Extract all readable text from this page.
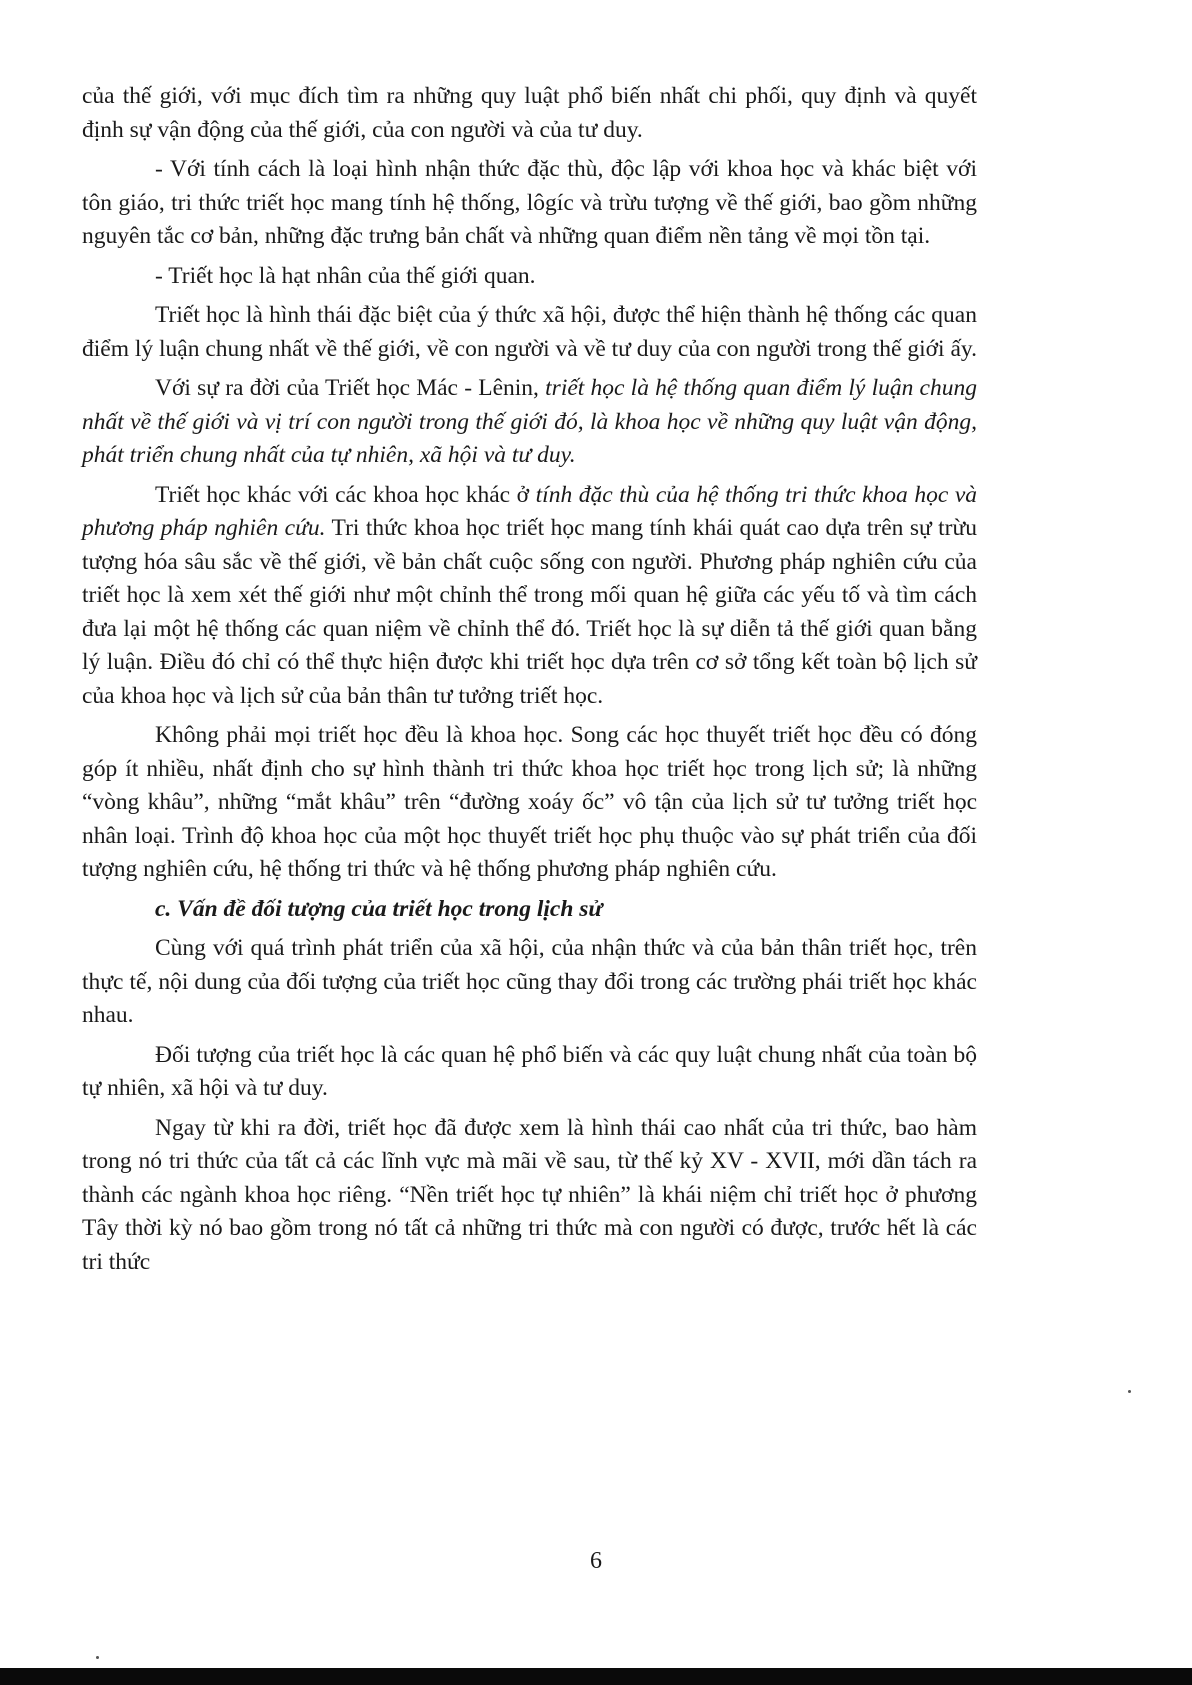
của thế giới, với mục đích tìm ra những quy luật phổ biến nhất chi phối, quy định và quyết định sự vận động của thế giới, của con người và của tư duy.

- Với tính cách là loại hình nhận thức đặc thù, độc lập với khoa học và khác biệt với tôn giáo, tri thức triết học mang tính hệ thống, lôgíc và trừu tượng về thế giới, bao gồm những nguyên tắc cơ bản, những đặc trưng bản chất và những quan điểm nền tảng về mọi tồn tại.

- Triết học là hạt nhân của thế giới quan.

Triết học là hình thái đặc biệt của ý thức xã hội, được thể hiện thành hệ thống các quan điểm lý luận chung nhất về thế giới, về con người và về tư duy của con người trong thế giới ấy.

Với sự ra đời của Triết học Mác - Lênin, triết học là hệ thống quan điểm lý luận chung nhất về thế giới và vị trí con người trong thế giới đó, là khoa học về những quy luật vận động, phát triển chung nhất của tự nhiên, xã hội và tư duy.

Triết học khác với các khoa học khác ở tính đặc thù của hệ thống tri thức khoa học và phương pháp nghiên cứu. Tri thức khoa học triết học mang tính khái quát cao dựa trên sự trừu tượng hóa sâu sắc về thế giới, về bản chất cuộc sống con người. Phương pháp nghiên cứu của triết học là xem xét thế giới như một chỉnh thể trong mối quan hệ giữa các yếu tố và tìm cách đưa lại một hệ thống các quan niệm về chỉnh thể đó. Triết học là sự diễn tả thế giới quan bằng lý luận. Điều đó chỉ có thể thực hiện được khi triết học dựa trên cơ sở tổng kết toàn bộ lịch sử của khoa học và lịch sử của bản thân tư tưởng triết học.

Không phải mọi triết học đều là khoa học. Song các học thuyết triết học đều có đóng góp ít nhiều, nhất định cho sự hình thành tri thức khoa học triết học trong lịch sử; là những “vòng khâu”, những “mắt khâu” trên “đường xoáy ốc” vô tận của lịch sử tư tưởng triết học nhân loại. Trình độ khoa học của một học thuyết triết học phụ thuộc vào sự phát triển của đối tượng nghiên cứu, hệ thống tri thức và hệ thống phương pháp nghiên cứu.

c. Vấn đề đối tượng của triết học trong lịch sử

Cùng với quá trình phát triển của xã hội, của nhận thức và của bản thân triết học, trên thực tế, nội dung của đối tượng của triết học cũng thay đổi trong các trường phái triết học khác nhau.

Đối tượng của triết học là các quan hệ phổ biến và các quy luật chung nhất của toàn bộ tự nhiên, xã hội và tư duy.

Ngay từ khi ra đời, triết học đã được xem là hình thái cao nhất của tri thức, bao hàm trong nó tri thức của tất cả các lĩnh vực mà mãi về sau, từ thế kỷ XV - XVII, mới dần tách ra thành các ngành khoa học riêng. “Nền triết học tự nhiên” là khái niệm chỉ triết học ở phương Tây thời kỳ nó bao gồm trong nó tất cả những tri thức mà con người có được, trước hết là các tri thức

6
